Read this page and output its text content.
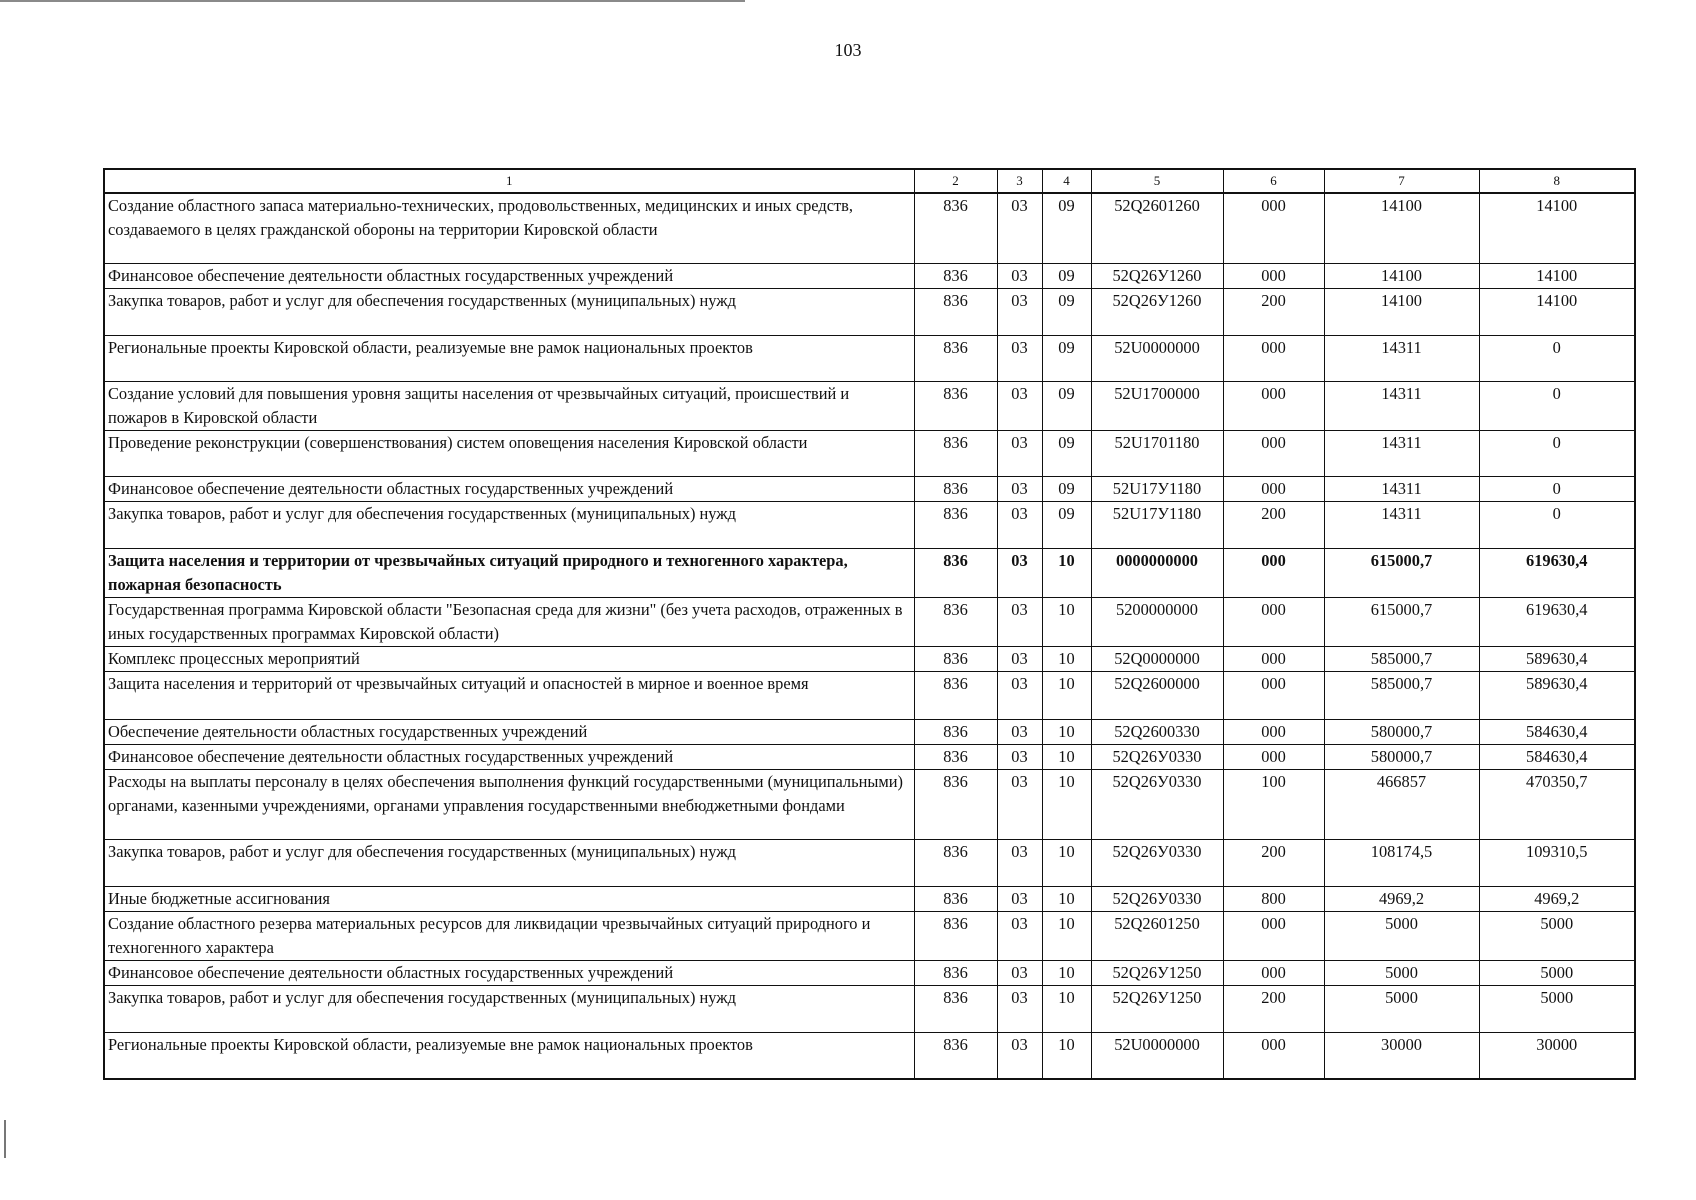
103
1	2	3	4	5	6	7	8
Создание областного запаса материально-технических, продовольственных, медицинских и иных средств, создаваемого в целях гражданской обороны на территории Кировской области	836	03	09	52Q2601260	000	14100	14100
Финансовое обеспечение деятельности областных государственных учреждений	836	03	09	52Q26У1260	000	14100	14100
Закупка товаров, работ и услуг для обеспечения государственных (муниципальных) нужд	836	03	09	52Q26У1260	200	14100	14100
Региональные проекты Кировской области, реализуемые вне рамок национальных проектов	836	03	09	52U0000000	000	14311	0
Создание условий для повышения уровня защиты населения от чрезвычайных ситуаций, происшествий и пожаров в Кировской области	836	03	09	52U1700000	000	14311	0
Проведение реконструкции (совершенствования) систем оповещения населения Кировской области	836	03	09	52U1701180	000	14311	0
Финансовое обеспечение деятельности областных государственных учреждений	836	03	09	52U17У1180	000	14311	0
Закупка товаров, работ и услуг для обеспечения государственных (муниципальных) нужд	836	03	09	52U17У1180	200	14311	0
Защита населения и территории от чрезвычайных ситуаций природного и техногенного характера, пожарная безопасность	836	03	10	0000000000	000	615000,7	619630,4
Государственная программа Кировской области "Безопасная среда для жизни" (без учета расходов, отраженных в иных государственных программах Кировской области)	836	03	10	5200000000	000	615000,7	619630,4
Комплекс процессных мероприятий	836	03	10	52Q0000000	000	585000,7	589630,4
Защита населения и территорий от чрезвычайных ситуаций и опасностей в мирное и военное время	836	03	10	52Q2600000	000	585000,7	589630,4
Обеспечение деятельности областных государственных учреждений	836	03	10	52Q2600330	000	580000,7	584630,4
Финансовое обеспечение деятельности областных государственных учреждений	836	03	10	52Q26У0330	000	580000,7	584630,4
Расходы на выплаты персоналу в целях обеспечения выполнения функций государственными (муниципальными) органами, казенными учреждениями, органами управления государственными внебюджетными фондами	836	03	10	52Q26У0330	100	466857	470350,7
Закупка товаров, работ и услуг для обеспечения государственных (муниципальных) нужд	836	03	10	52Q26У0330	200	108174,5	109310,5
Иные бюджетные ассигнования	836	03	10	52Q26У0330	800	4969,2	4969,2
Создание областного резерва материальных ресурсов для ликвидации чрезвычайных ситуаций природного и техногенного характера	836	03	10	52Q2601250	000	5000	5000
Финансовое обеспечение деятельности областных государственных учреждений	836	03	10	52Q26У1250	000	5000	5000
Закупка товаров, работ и услуг для обеспечения государственных (муниципальных) нужд	836	03	10	52Q26У1250	200	5000	5000
Региональные проекты Кировской области, реализуемые вне рамок национальных проектов	836	03	10	52U0000000	000	30000	30000
